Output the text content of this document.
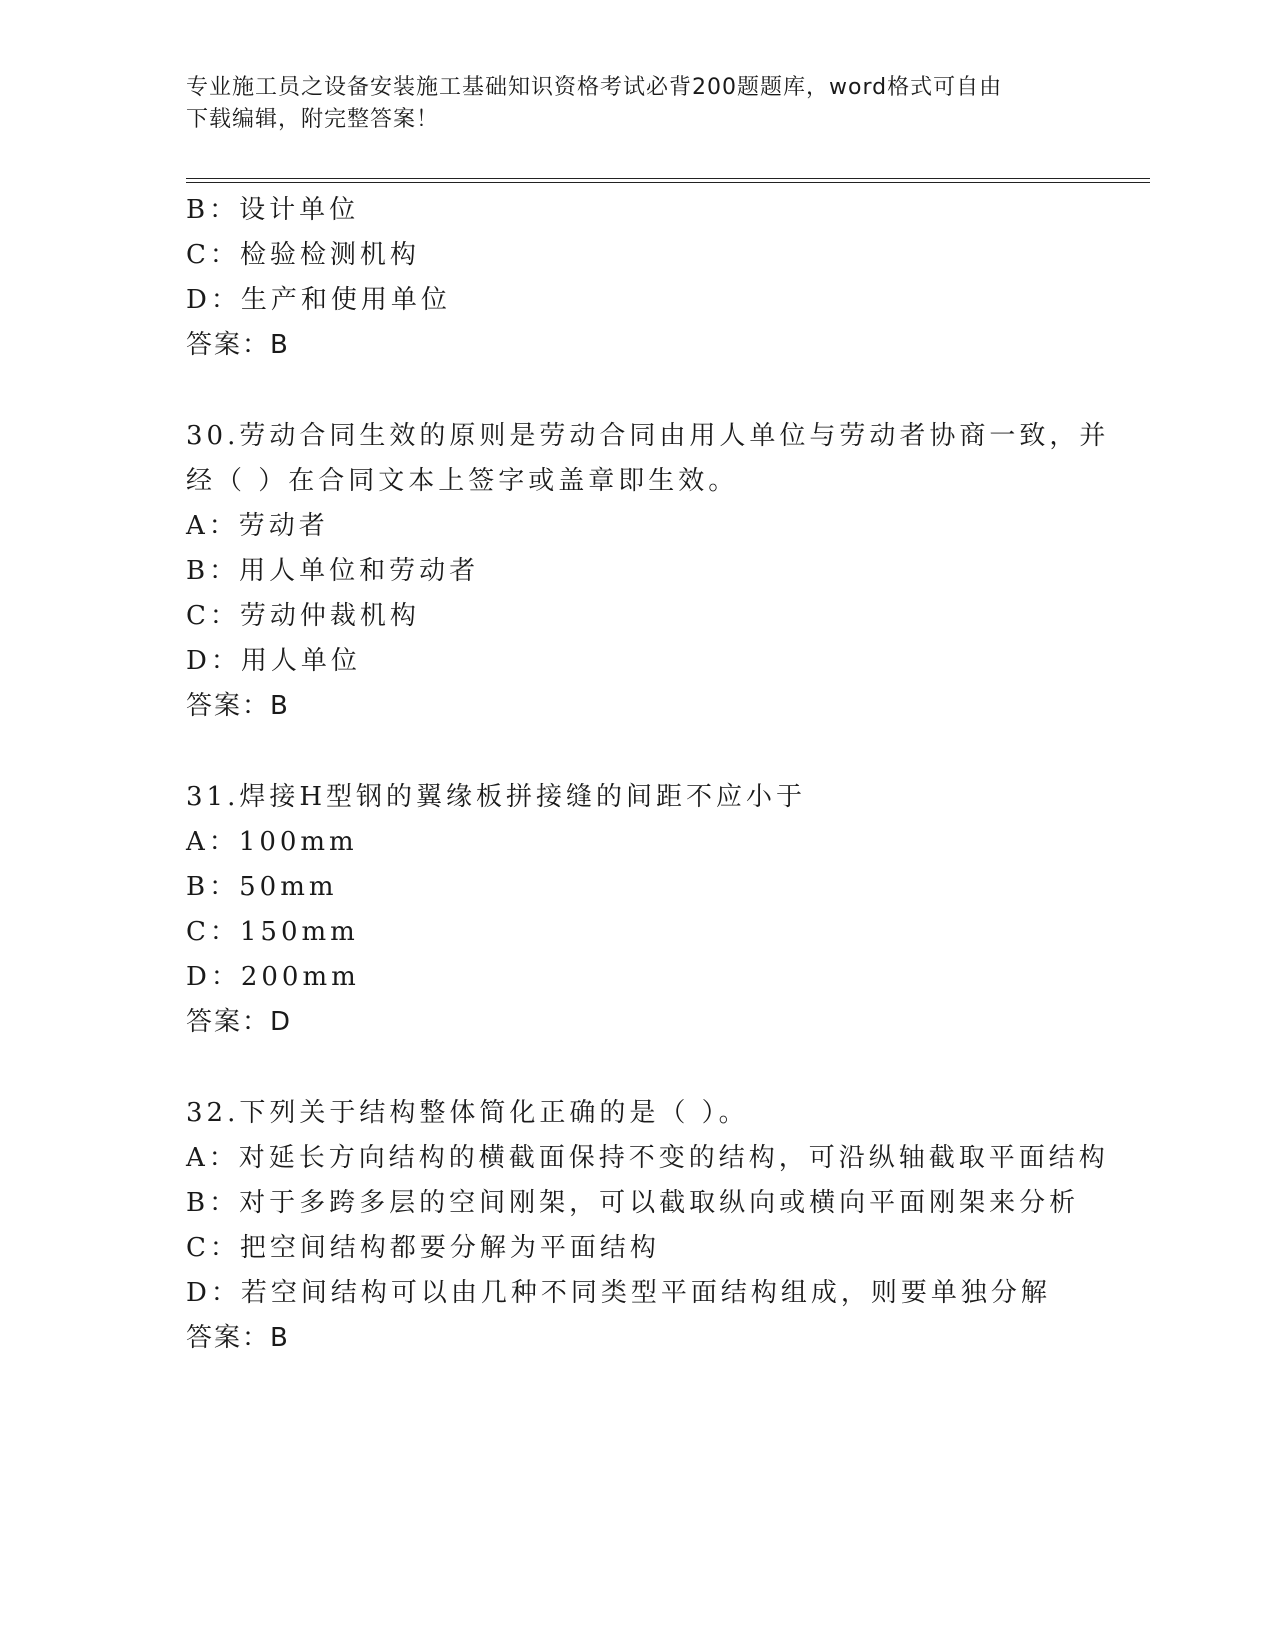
专业施工员之设备安装施工基础知识资格考试必背200题题库，word格式可自由
下载编辑，附完整答案！
B：设计单位
C：检验检测机构
D：生产和使用单位
答案：B
30.劳动合同生效的原则是劳动合同由用人单位与劳动者协商一致，并
经（ ）在合同文本上签字或盖章即生效。
A：劳动者
B：用人单位和劳动者
C：劳动仲裁机构
D：用人单位
答案：B
31.焊接H型钢的翼缘板拼接缝的间距不应小于
A：100mm
B：50mm
C：150mm
D：200mm
答案：D
32.下列关于结构整体简化正确的是（ ）。
A：对延长方向结构的横截面保持不变的结构，可沿纵轴截取平面结构
B：对于多跨多层的空间刚架，可以截取纵向或横向平面刚架来分析
C：把空间结构都要分解为平面结构
D：若空间结构可以由几种不同类型平面结构组成，则要单独分解
答案：B
